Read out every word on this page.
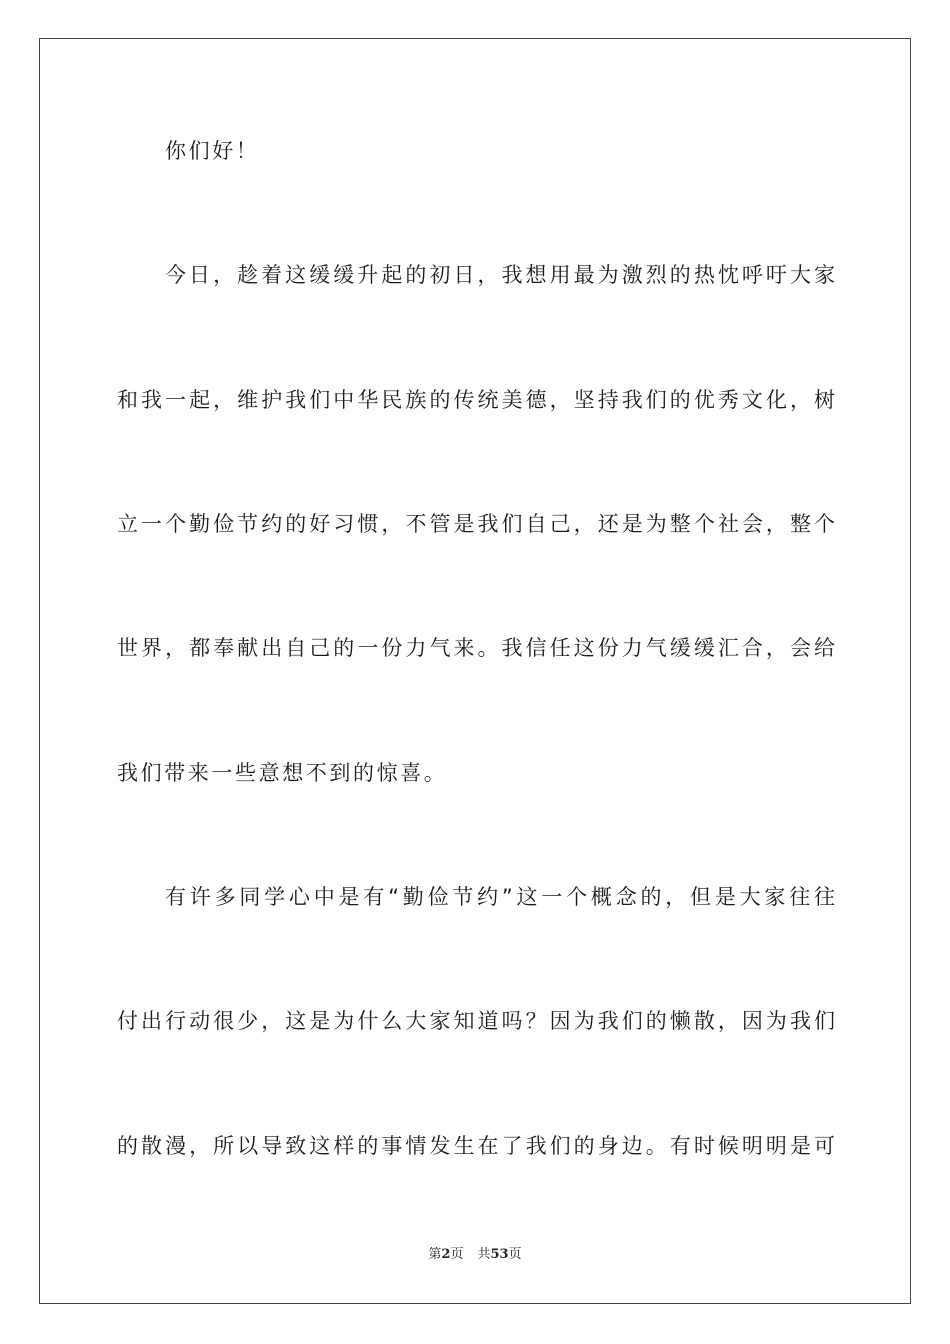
你们好！
今日，趁着这缓缓升起的初日，我想用最为激烈的热忱呼吁大家
和我一起，维护我们中华民族的传统美德，坚持我们的优秀文化，树
立一个勤俭节约的好习惯，不管是我们自己，还是为整个社会，整个
世界，都奉献出自己的一份力气来。我信任这份力气缓缓汇合，会给
我们带来一些意想不到的惊喜。
有许多同学心中是有“勤俭节约”这一个概念的，但是大家往往
付出行动很少，这是为什么大家知道吗？因为我们的懒散，因为我们
的散漫，所以导致这样的事情发生在了我们的身边。有时候明明是可
第2页 共53页
